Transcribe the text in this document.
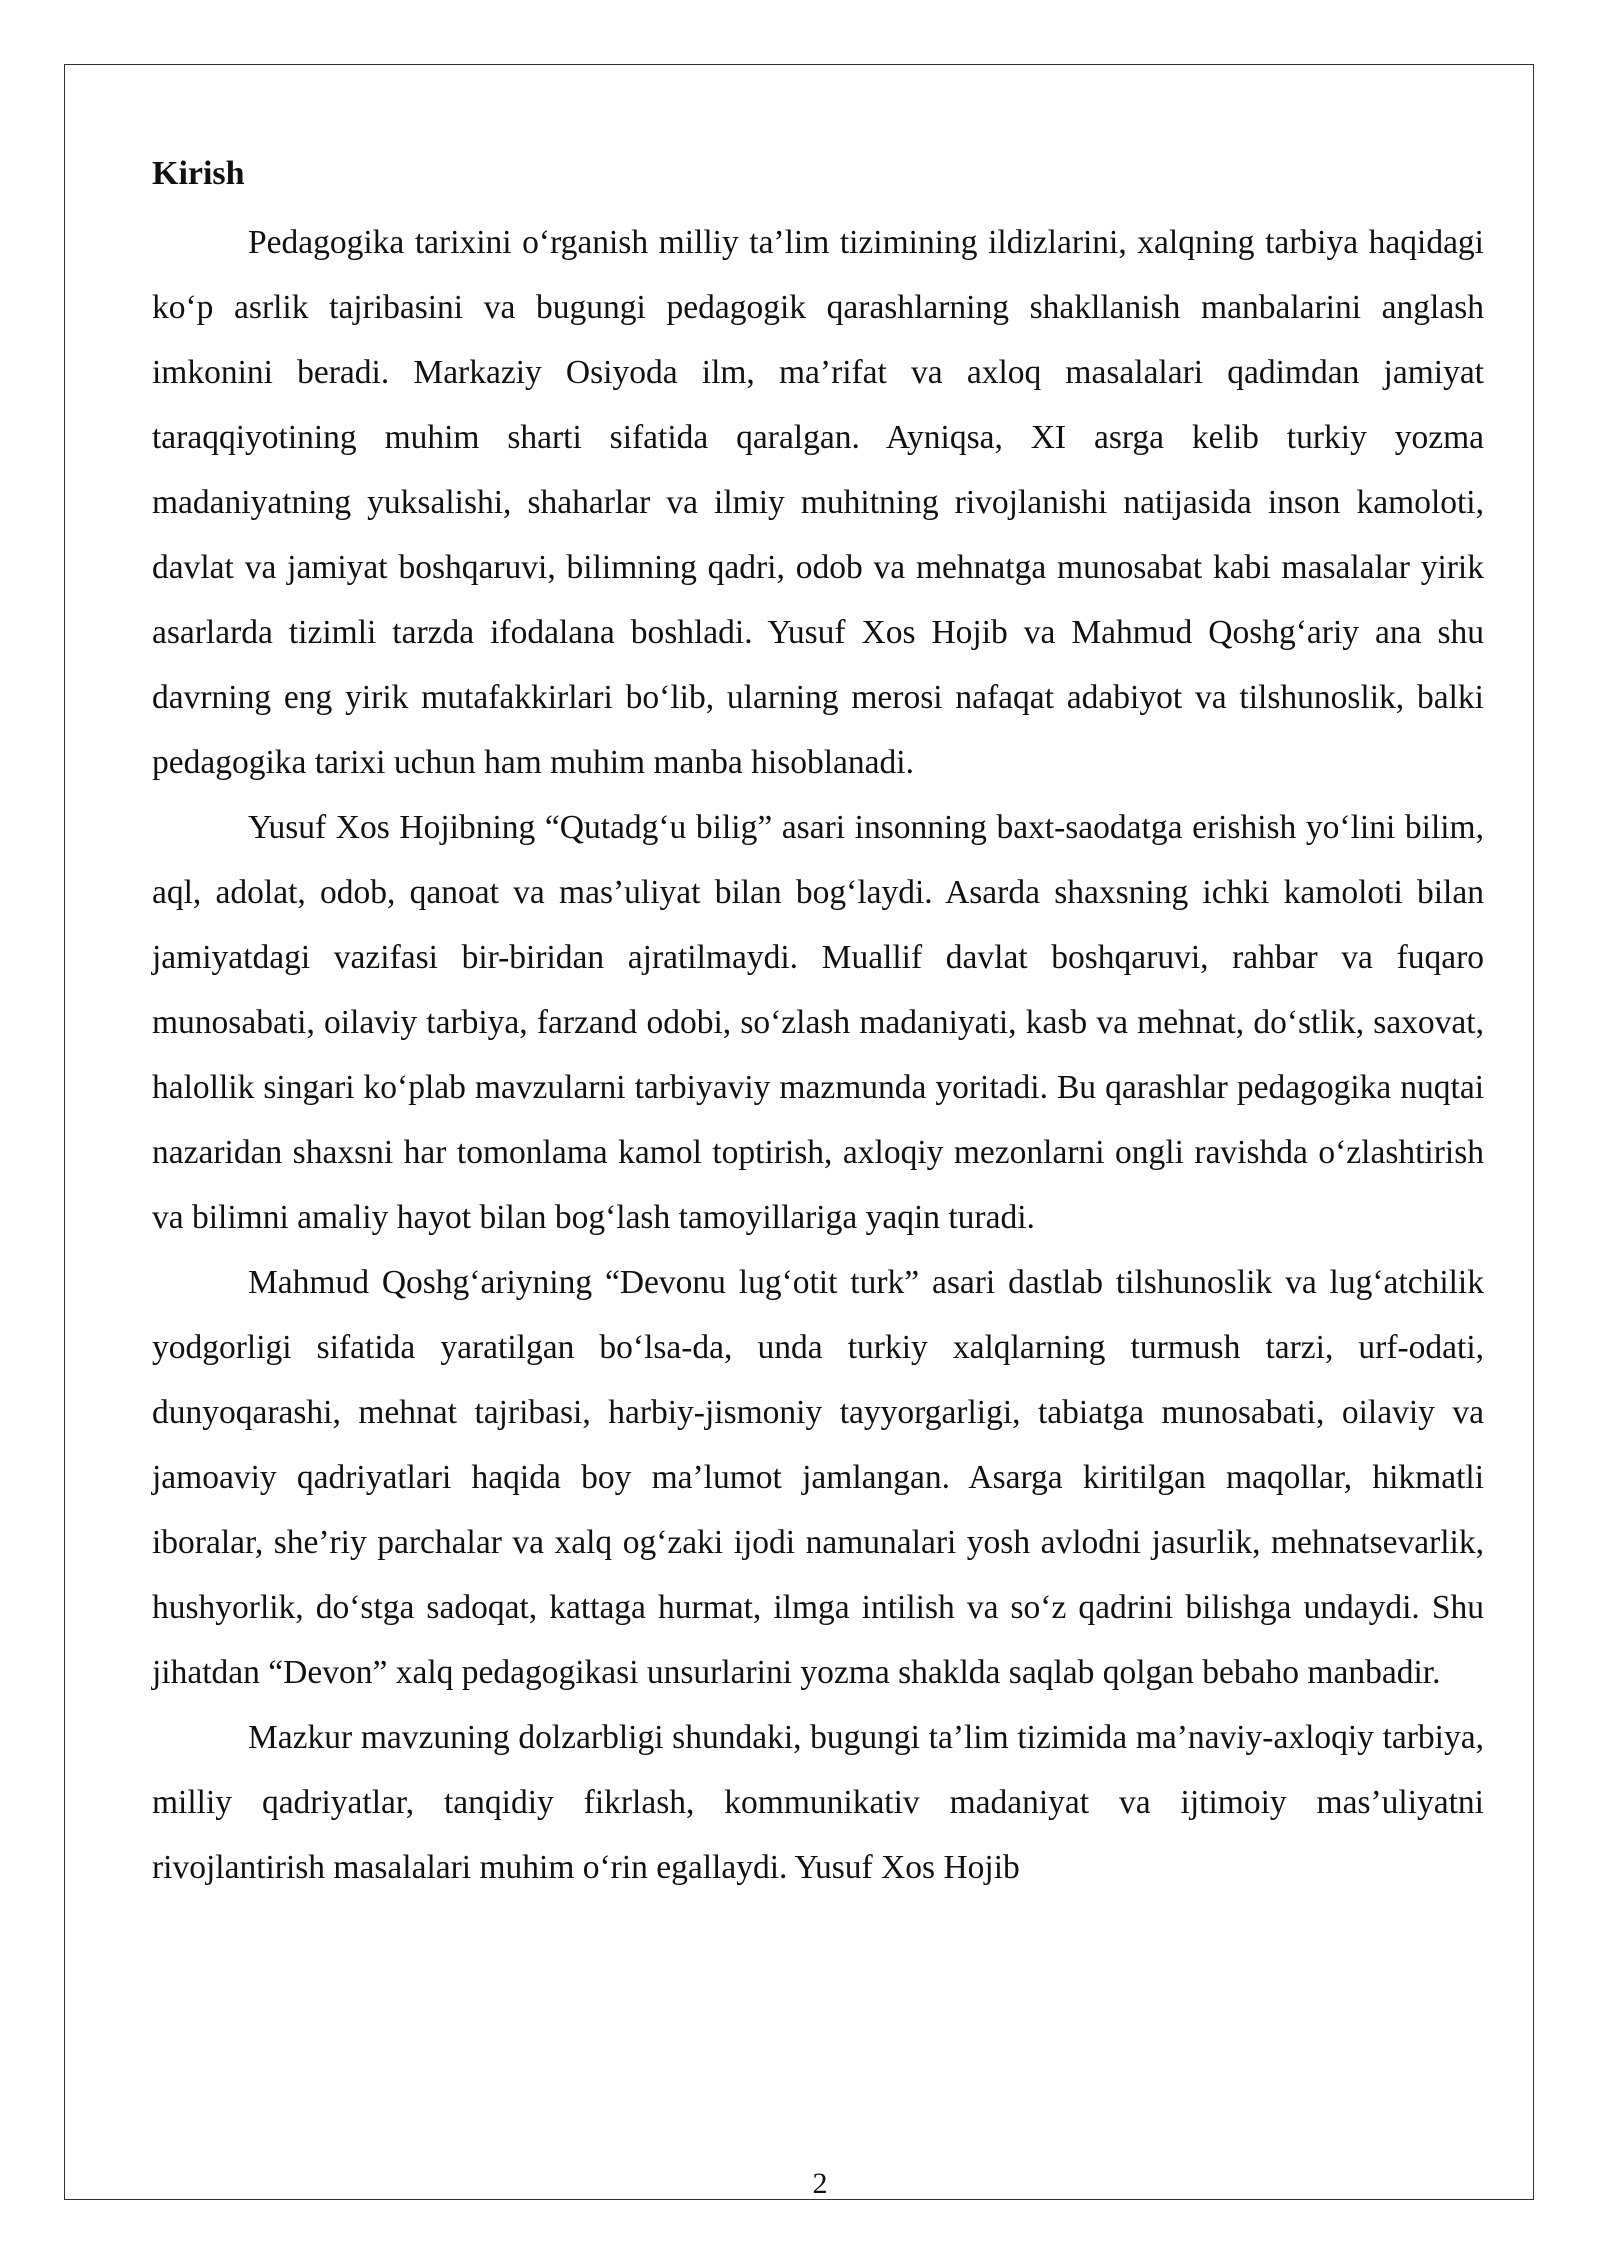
Kirish

Pedagogika tarixini o‘rganish milliy ta’lim tizimining ildizlarini, xalqning tarbiya haqidagi ko‘p asrlik tajribasini va bugungi pedagogik qarashlarning shakllanish manbalarini anglash imkonini beradi. Markaziy Osiyoda ilm, ma’rifat va axloq masalalari qadimdan jamiyat taraqqiyotining muhim sharti sifatida qaralgan. Ayniqsa, XI asrga kelib turkiy yozma madaniyatning yuksalishi, shaharlar va ilmiy muhitning rivojlanishi natijasida inson kamoloti, davlat va jamiyat boshqaruvi, bilimning qadri, odob va mehnatga munosabat kabi masalalar yirik asarlarda tizimli tarzda ifodalana boshladi. Yusuf Xos Hojib va Mahmud Qoshg‘ariy ana shu davrning eng yirik mutafakkirlari bo‘lib, ularning merosi nafaqat adabiyot va tilshunoslik, balki pedagogika tarixi uchun ham muhim manba hisoblanadi.

Yusuf Xos Hojibning “Qutadg‘u bilig” asari insonning baxt-saodatga erishish yo‘lini bilim, aql, adolat, odob, qanoat va mas’uliyat bilan bog‘laydi. Asarda shaxsning ichki kamoloti bilan jamiyatdagi vazifasi bir-biridan ajratilmaydi. Muallif davlat boshqaruvi, rahbar va fuqaro munosabati, oilaviy tarbiya, farzand odobi, so‘zlash madaniyati, kasb va mehnat, do‘stlik, saxovat, halollik singari ko‘plab mavzularni tarbiyaviy mazmunda yoritadi. Bu qarashlar pedagogika nuqtai nazaridan shaxsni har tomonlama kamol toptirish, axloqiy mezonlarni ongli ravishda o‘zlashtirish va bilimni amaliy hayot bilan bog‘lash tamoyillariga yaqin turadi.

Mahmud Qoshg‘ariyning “Devonu lug‘otit turk” asari dastlab tilshunoslik va lug‘atchilik yodgorligi sifatida yaratilgan bo‘lsa-da, unda turkiy xalqlarning turmush tarzi, urf-odati, dunyoqarashi, mehnat tajribasi, harbiy-jismoniy tayyorgarligi, tabiatga munosabati, oilaviy va jamoaviy qadriyatlari haqida boy ma’lumot jamlangan. Asarga kiritilgan maqollar, hikmatli iboralar, she’riy parchalar va xalq og‘zaki ijodi namunalari yosh avlodni jasurlik, mehnatsevarlik, hushyorlik, do‘stga sadoqat, kattaga hurmat, ilmga intilish va so‘z qadrini bilishga undaydi. Shu jihatdan “Devon” xalq pedagogikasi unsurlarini yozma shaklda saqlab qolgan bebaho manbadir.

Mazkur mavzuning dolzarbligi shundaki, bugungi ta’lim tizimida ma’naviy-axloqiy tarbiya, milliy qadriyatlar, tanqidiy fikrlash, kommunikativ madaniyat va ijtimoiy mas’uliyatni rivojlantirish masalalari muhim o‘rin egallaydi. Yusuf Xos Hojib

2
